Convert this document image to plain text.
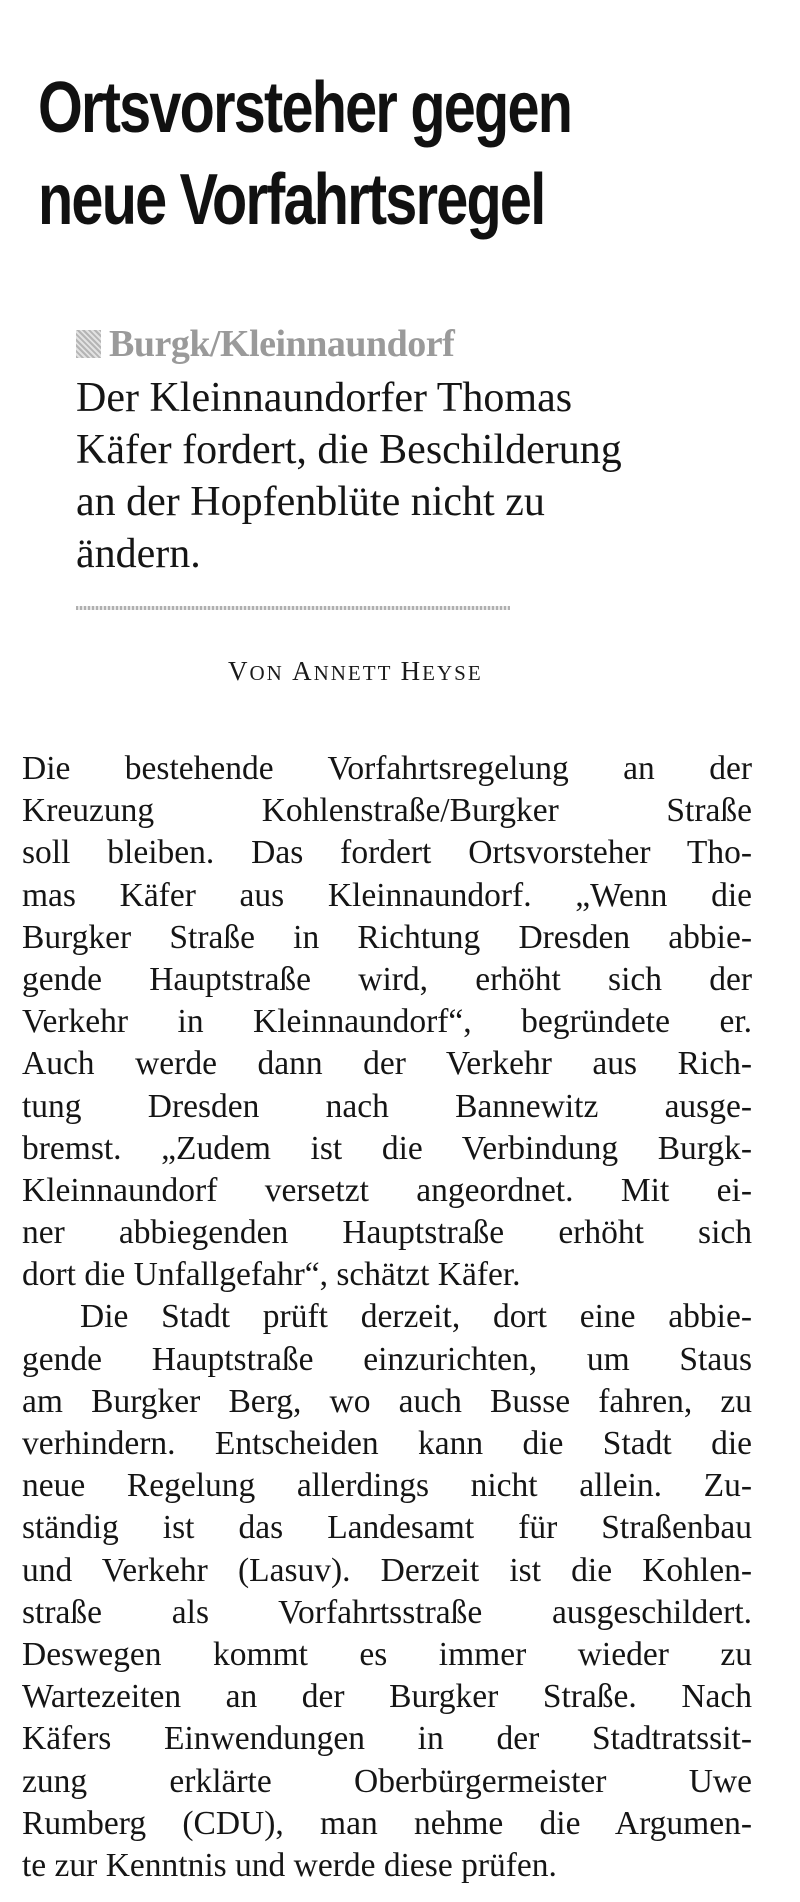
Ortsvorsteher gegen
neue Vorfahrtsregel
Burgk/Kleinnaundorf

Der Kleinnaundorfer Thomas
Käfer fordert, die Beschilderung
an der Hopfenblüte nicht zu
ändern.

VON ANNETT HEYSE
Die bestehende Vorfahrtsregelung an der
Kreuzung Kohlenstraße/Burgker Straße
soll bleiben. Das fordert Ortsvorsteher Tho-
mas Käfer aus Kleinnaundorf. „Wenn die
Burgker Straße in Richtung Dresden abbie-
gende Hauptstraße wird, erhöht sich der
Verkehr in Kleinnaundorf“, begründete er.
Auch werde dann der Verkehr aus Rich-
tung Dresden nach Bannewitz ausge-
bremst. „Zudem ist die Verbindung Burgk-
Kleinnaundorf versetzt angeordnet. Mit ei-
ner abbiegenden Hauptstraße erhöht sich
dort die Unfallgefahr“, schätzt Käfer.
Die Stadt prüft derzeit, dort eine abbie-
gende Hauptstraße einzurichten, um Staus
am Burgker Berg, wo auch Busse fahren, zu
verhindern. Entscheiden kann die Stadt die
neue Regelung allerdings nicht allein. Zu-
ständig ist das Landesamt für Straßenbau
und Verkehr (Lasuv). Derzeit ist die Kohlen-
straße als Vorfahrtsstraße ausgeschildert.
Deswegen kommt es immer wieder zu
Wartezeiten an der Burgker Straße. Nach
Käfers Einwendungen in der Stadtratssit-
zung erklärte Oberbürgermeister Uwe
Rumberg (CDU), man nehme die Argumen-
te zur Kenntnis und werde diese prüfen.
